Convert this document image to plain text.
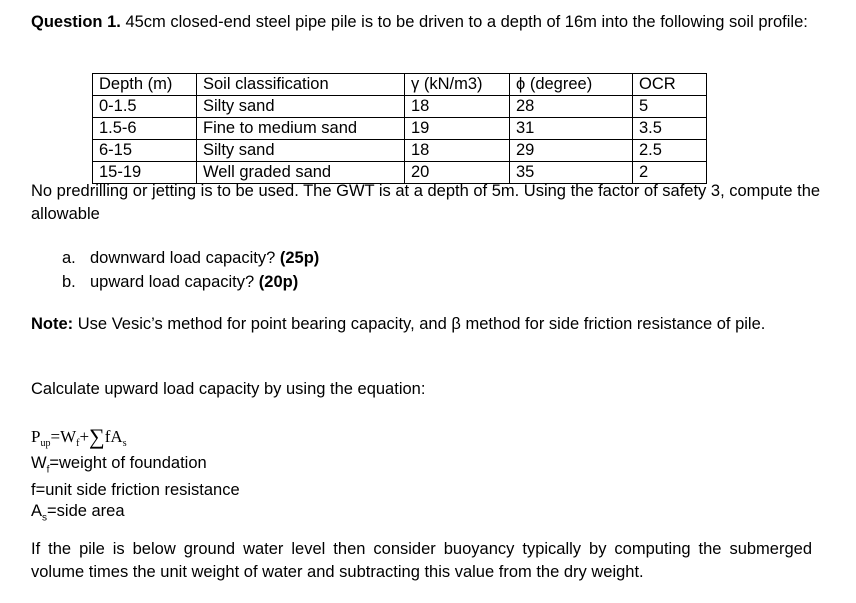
Question 1. 45cm closed-end steel pipe pile is to be driven to a depth of 16m into the following soil profile:
Depth (m)	Soil classification	γ (kN/m3)	ϕ (degree)	OCR
0-1.5	Silty sand	18	28	5
1.5-6	Fine to medium sand	19	31	3.5
6-15	Silty sand	18	29	2.5
15-19	Well graded sand	20	35	2
No predrilling or jetting is to be used. The GWT is at a depth of 5m. Using the factor of safety 3, compute the allowable
a. downward load capacity?
(25p)
b. upward load capacity?
(20p)
Note: Use Vesic’s method for point bearing capacity, and β method for side friction resistance of pile.
Calculate upward load capacity by using the equation:
$P_{up}=W_f+\sum fA_s$
$W_f=weight$ of foundation
f=unit side friction resistance
$A_s=side$ area
If the pile is below ground water level then consider buoyancy typically by computing the submerged volume times the unit weight of water and subtracting this value from the dry weight.
